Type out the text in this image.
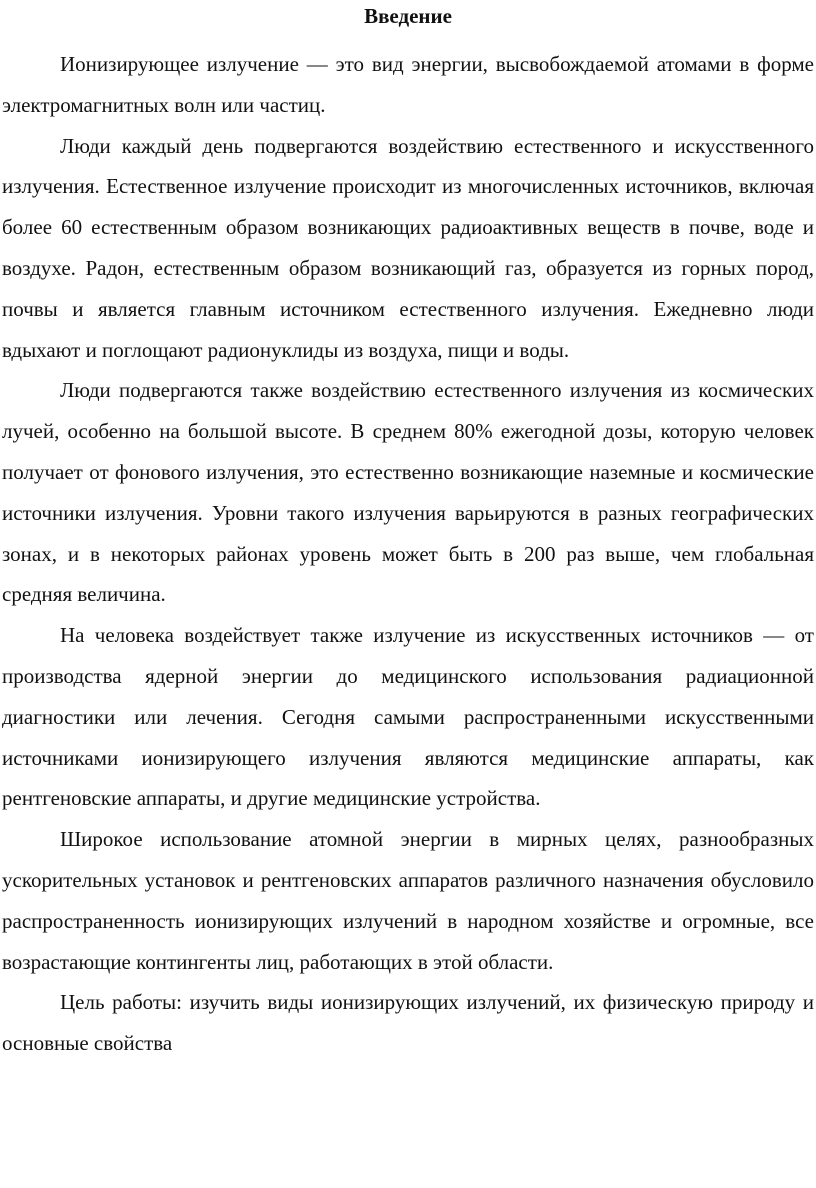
Введение

Ионизирующее излучение — это вид энергии, высвобождаемой атомами в форме электромагнитных волн или частиц.

Люди каждый день подвергаются воздействию естественного и искусственного излучения. Естественное излучение происходит из многочисленных источников, включая более 60 естественным образом возникающих радиоактивных веществ в почве, воде и воздухе. Радон, естественным образом возникающий газ, образуется из горных пород, почвы и является главным источником естественного излучения. Ежедневно люди вдыхают и поглощают радионуклиды из воздуха, пищи и воды.

Люди подвергаются также воздействию естественного излучения из космических лучей, особенно на большой высоте. В среднем 80% ежегодной дозы, которую человек получает от фонового излучения, это естественно возникающие наземные и космические источники излучения. Уровни такого излучения варьируются в разных географических зонах, и в некоторых районах уровень может быть в 200 раз выше, чем глобальная средняя величина.

На человека воздействует также излучение из искусственных источников — от производства ядерной энергии до медицинского использования радиационной диагностики или лечения. Сегодня самыми распространенными искусственными источниками ионизирующего излучения являются медицинские аппараты, как рентгеновские аппараты, и другие медицинские устройства.

Широкое использование атомной энергии в мирных целях, разнообразных ускорительных установок и рентгеновских аппаратов различного назначения обусловило распространенность ионизирующих излучений в народном хозяйстве и огромные, все возрастающие контингенты лиц, работающих в этой области.

Цель работы: изучить виды ионизирующих излучений, их физическую природу и основные свойства
